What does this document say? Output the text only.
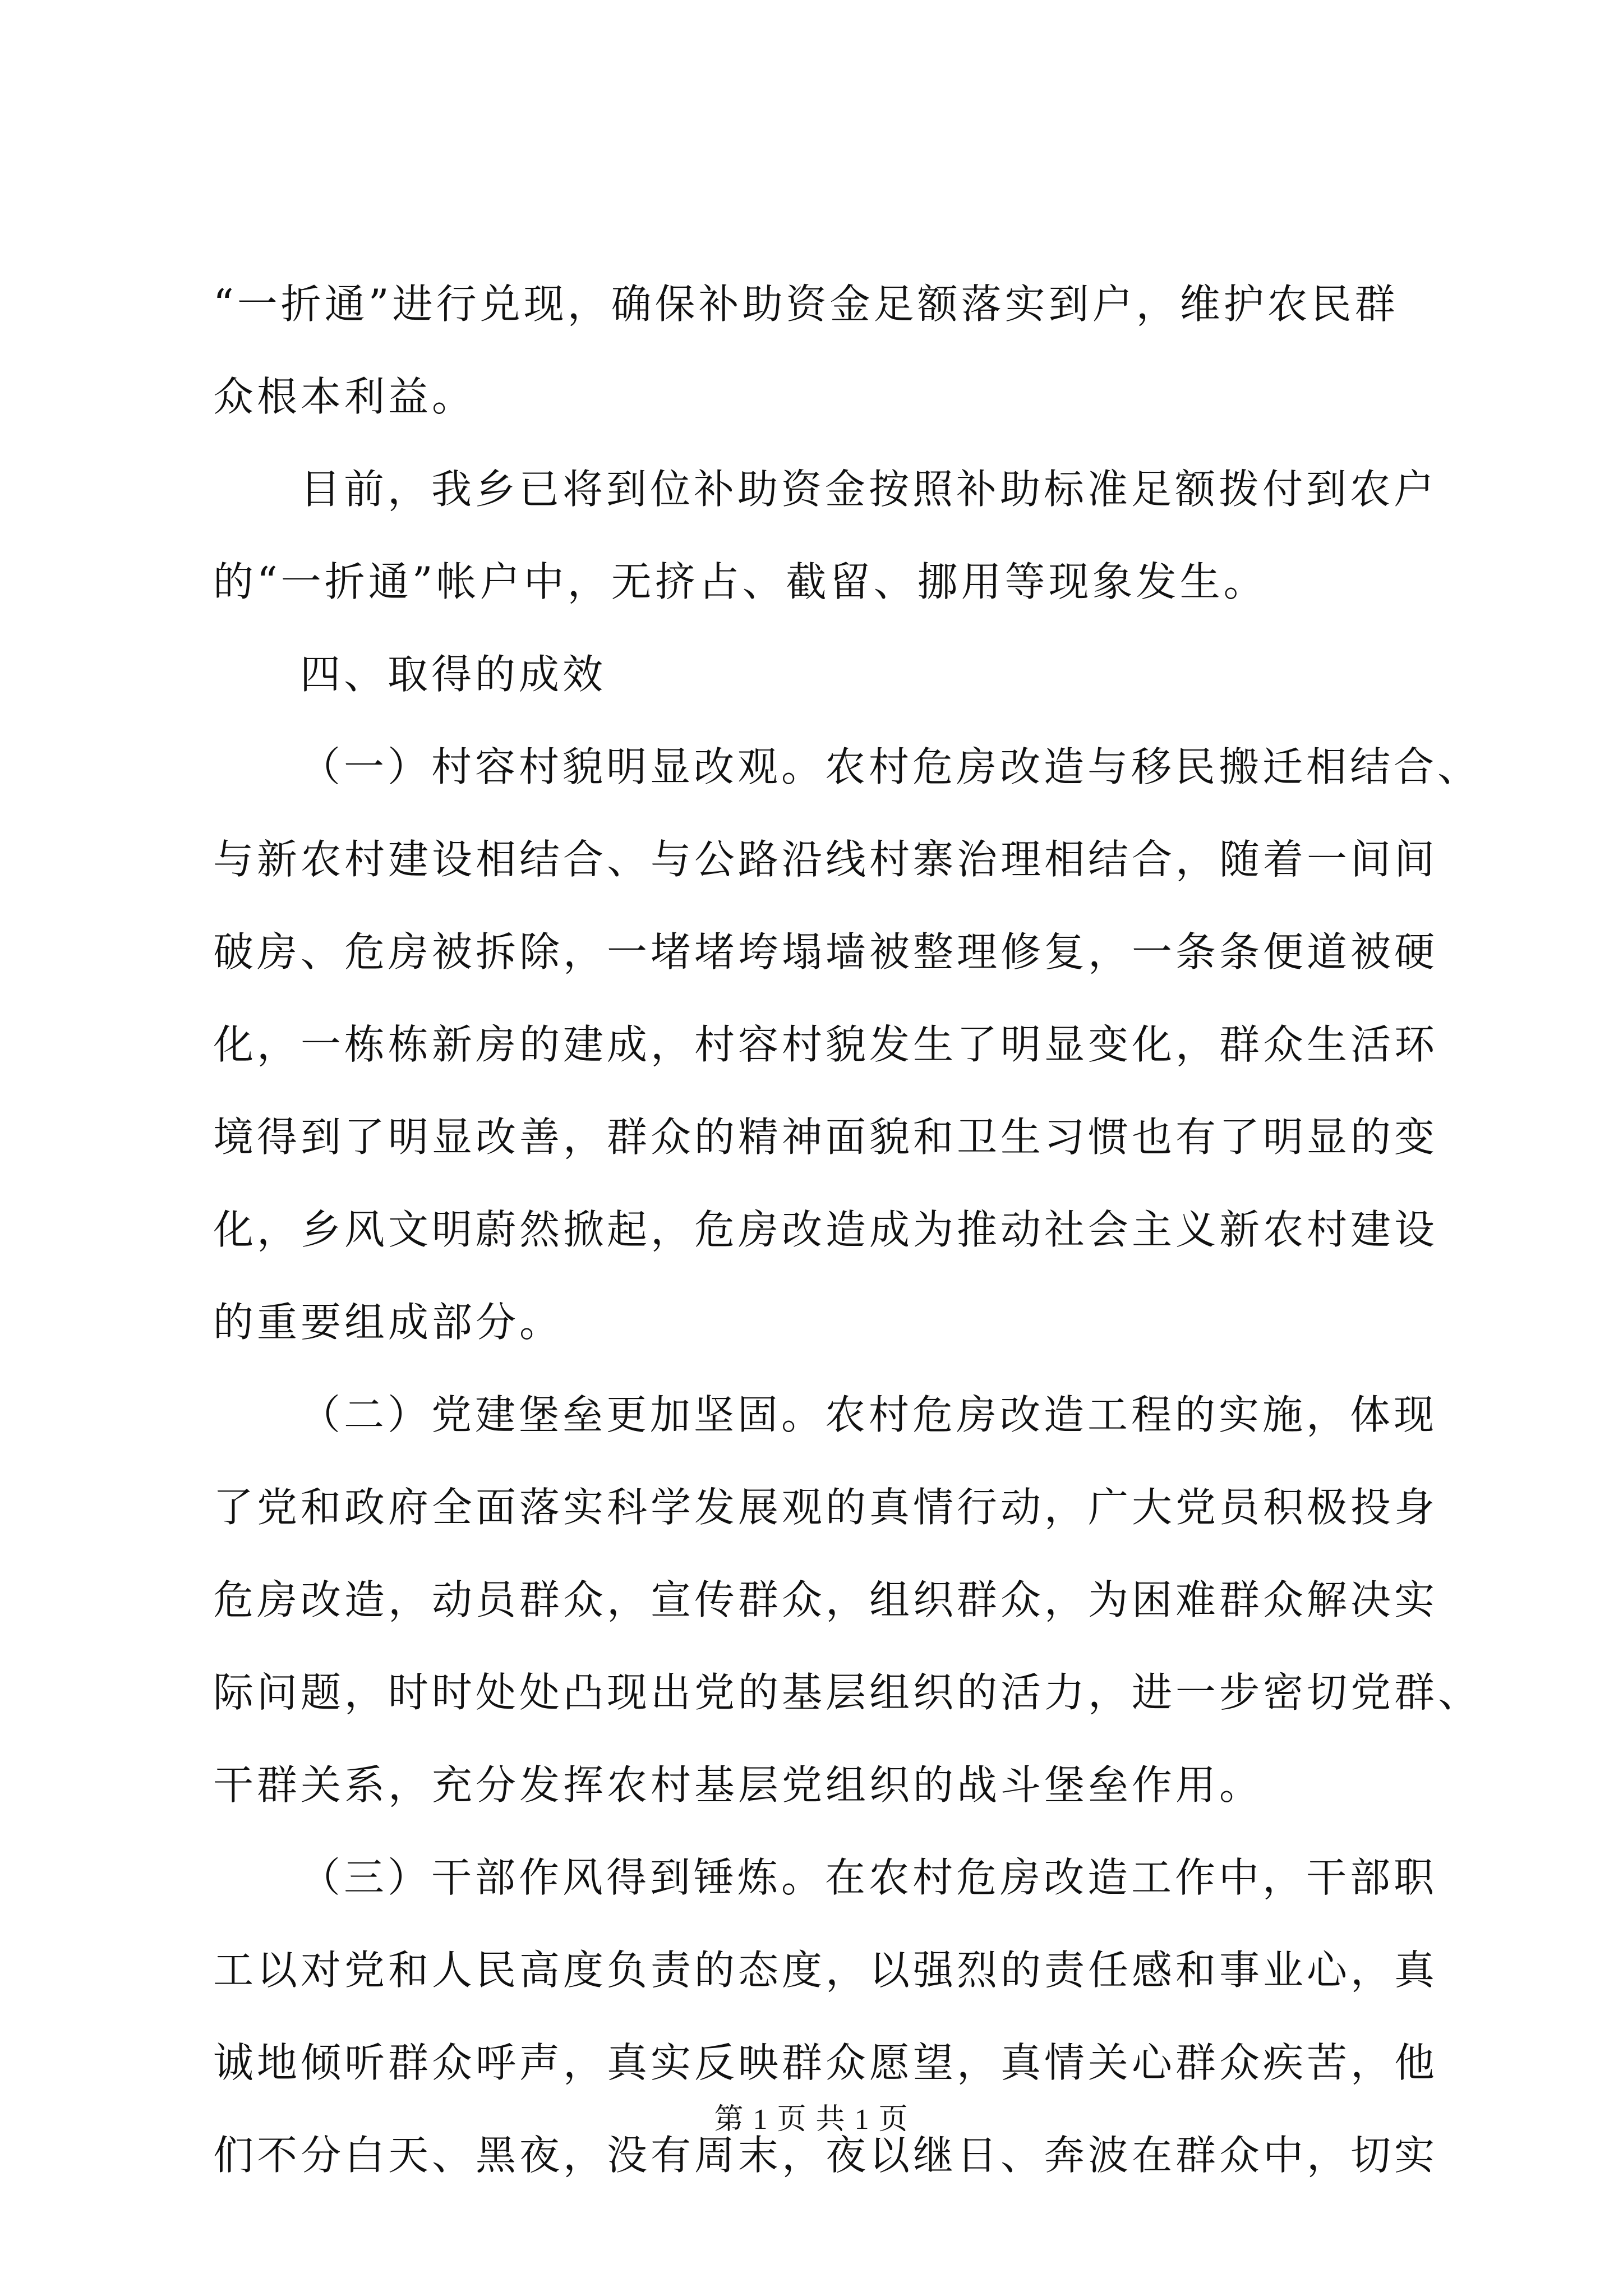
“一折通”进行兑现，确保补助资金足额落实到户，维护农民群
众根本利益。
目前，我乡已将到位补助资金按照补助标准足额拨付到农户
的“一折通”帐户中，无挤占、截留、挪用等现象发生。
四、取得的成效
（一）村容村貌明显改观。农村危房改造与移民搬迁相结合、
与新农村建设相结合、与公路沿线村寨治理相结合，随着一间间
破房、危房被拆除，一堵堵垮塌墙被整理修复，一条条便道被硬
化，一栋栋新房的建成，村容村貌发生了明显变化，群众生活环
境得到了明显改善，群众的精神面貌和卫生习惯也有了明显的变
化，乡风文明蔚然掀起，危房改造成为推动社会主义新农村建设
的重要组成部分。
（二）党建堡垒更加坚固。农村危房改造工程的实施，体现
了党和政府全面落实科学发展观的真情行动，广大党员积极投身
危房改造，动员群众，宣传群众，组织群众，为困难群众解决实
际问题，时时处处凸现出党的基层组织的活力，进一步密切党群、
干群关系，充分发挥农村基层党组织的战斗堡垒作用。
（三）干部作风得到锤炼。在农村危房改造工作中，干部职
工以对党和人民高度负责的态度，以强烈的责任感和事业心，真
诚地倾听群众呼声，真实反映群众愿望，真情关心群众疾苦，他
们不分白天、黑夜，没有周末，夜以继日、奔波在群众中，切实
第 1 页 共 1 页
